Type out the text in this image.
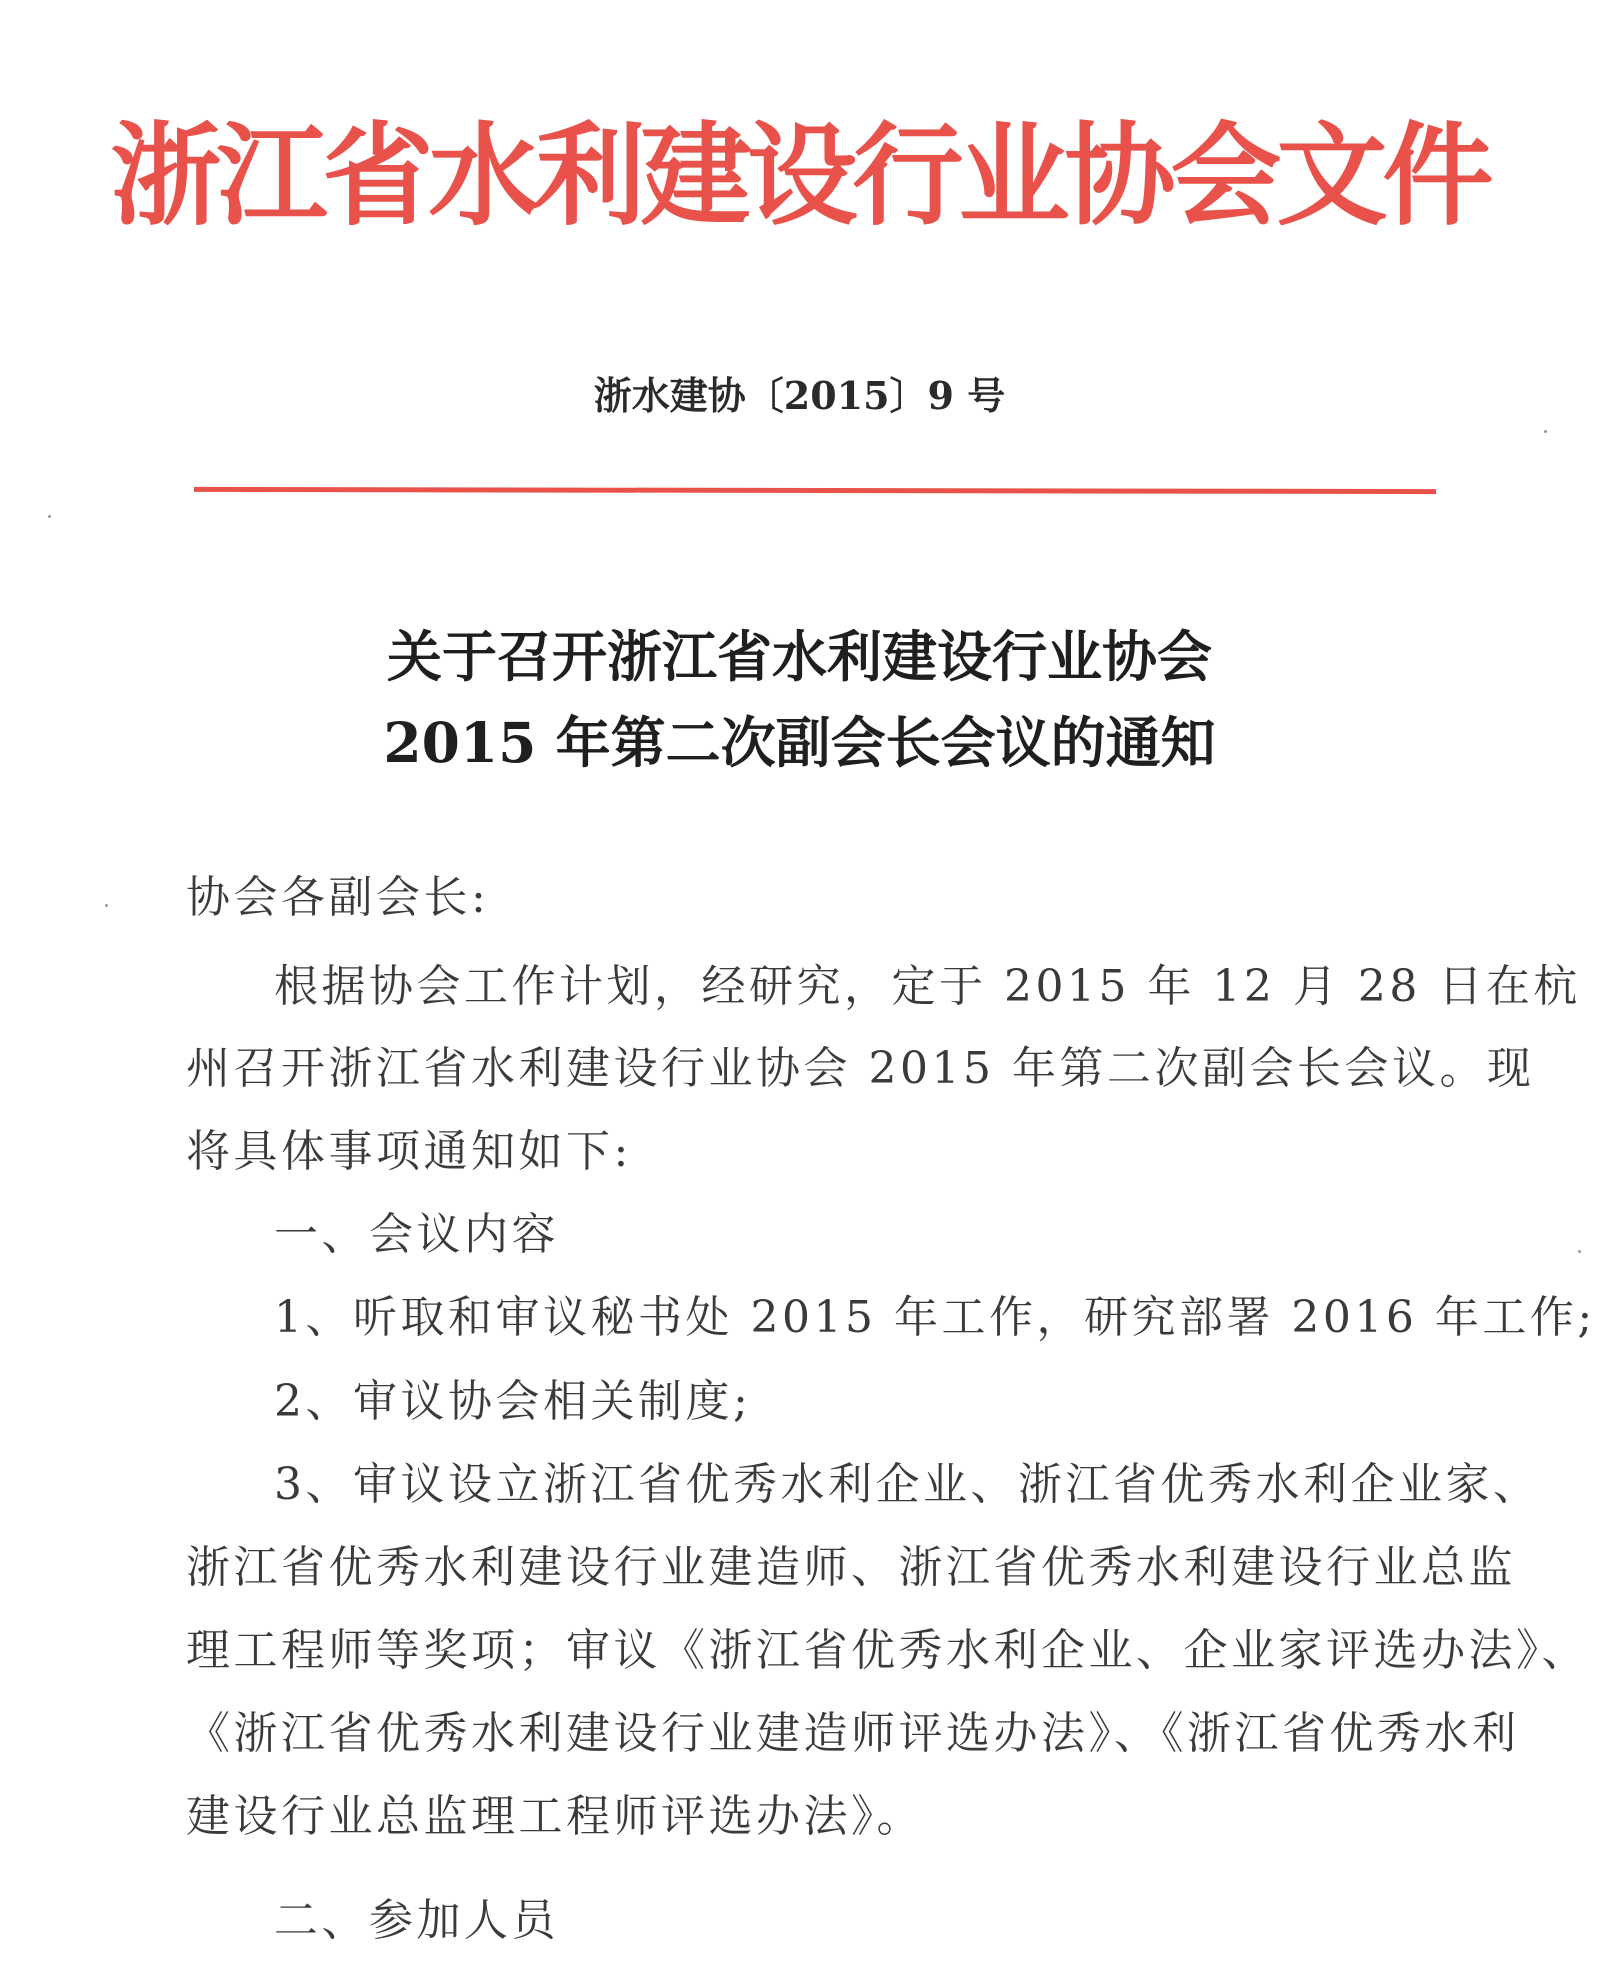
浙江省水利建设行业协会文件
浙水建协〔2015〕9 号
关于召开浙江省水利建设行业协会
2015 年第二次副会长会议的通知
协会各副会长:
根据协会工作计划，经研究，定于 2015 年 12 月 28 日在杭
州召开浙江省水利建设行业协会 2015 年第二次副会长会议。现
将具体事项通知如下:
一、会议内容
1、听取和审议秘书处 2015 年工作，研究部署 2016 年工作;
2、审议协会相关制度;
3、审议设立浙江省优秀水利企业、浙江省优秀水利企业家、
浙江省优秀水利建设行业建造师、浙江省优秀水利建设行业总监
理工程师等奖项；审议《浙江省优秀水利企业、企业家评选办法》、
《浙江省优秀水利建设行业建造师评选办法》、《浙江省优秀水利
建设行业总监理工程师评选办法》。
二、参加人员
